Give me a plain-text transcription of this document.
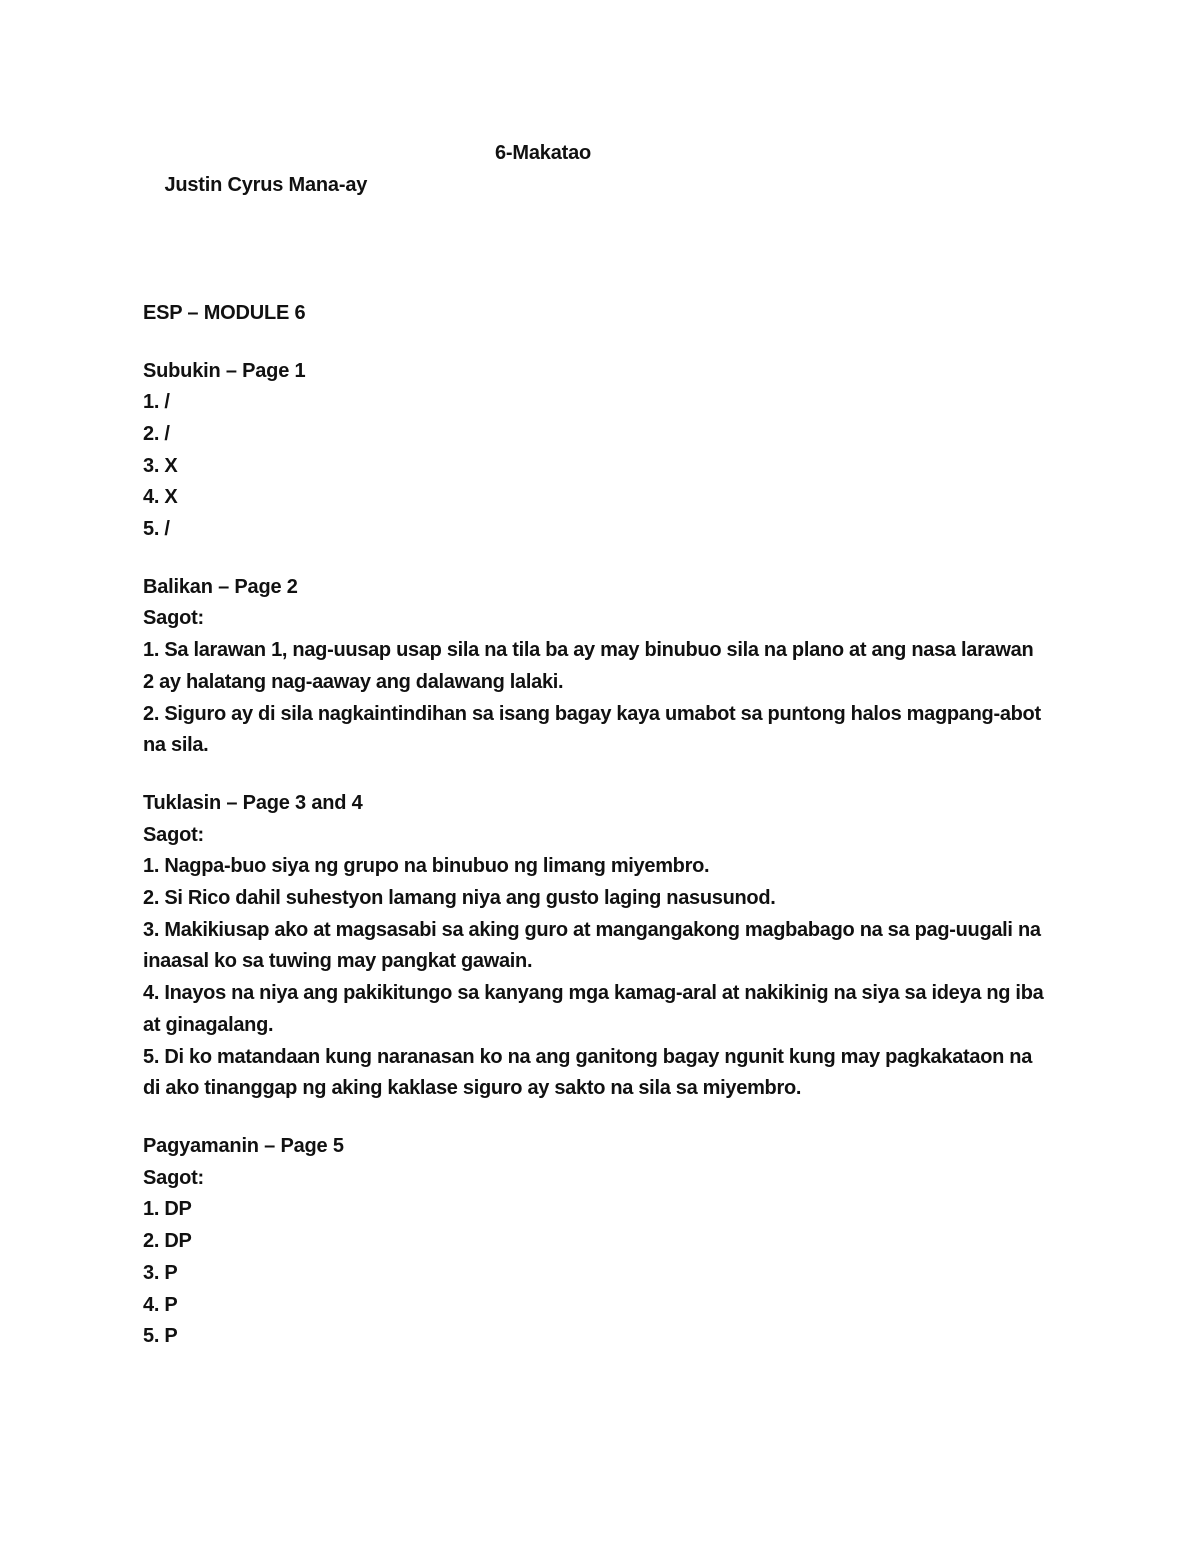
Justin Cyrus Mana-ay

6-Makatao

ESP – MODULE 6
Subukin – Page 1
1. /
2. /
3. X
4. X
5. /
Balikan – Page 2
Sagot:
1. Sa larawan 1, nag-uusap usap sila na tila ba ay may binubuo sila na plano at ang nasa larawan
2 ay halatang nag-aaway ang dalawang lalaki.
2. Siguro ay di sila nagkaintindihan sa isang bagay kaya umabot sa puntong halos magpang-abot
na sila.
Tuklasin – Page 3 and 4
Sagot:
1. Nagpa-buo siya ng grupo na binubuo ng limang miyembro.
2. Si Rico dahil suhestyon lamang niya ang gusto laging nasusunod.
3. Makikiusap ako at magsasabi sa aking guro at mangangakong magbabago na sa pag-uugali na
inaasal ko sa tuwing may pangkat gawain.
4. Inayos na niya ang pakikitungo sa kanyang mga kamag-aral at nakikinig na siya sa ideya ng iba
at ginagalang.
5. Di ko matandaan kung naranasan ko na ang ganitong bagay ngunit kung may pagkakataon na
di ako tinanggap ng aking kaklase siguro ay sakto na sila sa miyembro.
Pagyamanin – Page 5
Sagot:
1. DP
2. DP
3. P
4. P
5. P
